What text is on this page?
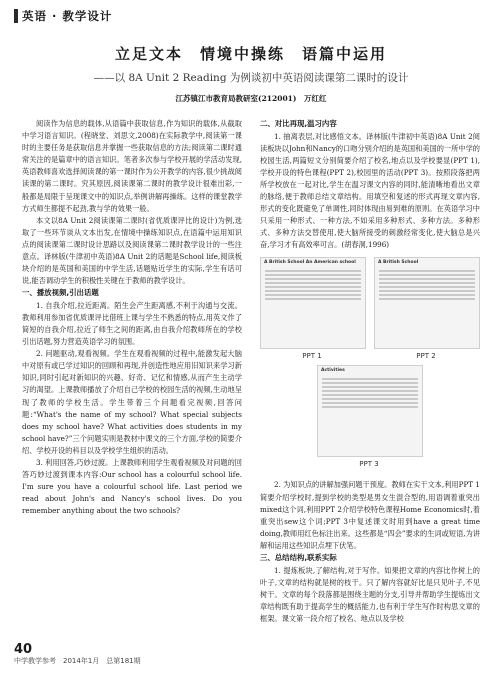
英语 · 教学设计
立足文本　情境中操练　语篇中运用
——以 8A Unit 2 Reading 为例谈初中英语阅读课第二课时的设计
江苏镇江市教育局教研室(212001)　万红红

阅读作为信息的载体,从语篇中获取信息,作为知识的载体,从截取中学习语言知识。(程晓堂、刘思文,2008)在实际教学中,阅读第一课时的主要任务是获取信息并掌握一些获取信息的方法;阅读第二课时通常关注的是篇章中的语言知识。笔者多次参与学校开展的学活动发现,英语教师喜欢选择阅读课的第一课时作为公开教学的内容,很少挑战阅读课的第二课时。究其原因,阅读课第二课时的教学设计很难出彩,一般都是局限于呈现课文中的知识点,举例讲解再操练。这样的课堂教学方式师生都提不起劲,教与学的效果一般。

本文以8A Unit 2阅读课第二课时(省优质课评比的设计)为例,选取了一些环节谈从文本出发,在情境中操练知识点,在语篇中运用知识点的阅读课第二课时设计思路以及阅读课第二课时教学设计的一些注意点。译林版(牛津初中英语)8A Unit 2的话题是School life,阅读板块介绍的是英国和美国的中学生活,话题贴近学生的实际,学生有话可说,能否调动学生的积极性关键在于教师的教学设计。

一、播放视频,引出话题

1. 自我介绍,拉近距离。陌生会产生距离感,不利于沟通与交流。教师利用参加省优质课评比借班上课与学生不熟悉的特点,用英文作了简短的自我介绍,拉近了师生之间的距离,由自我介绍教师所在的学校引出话题,努力营造英语学习的氛围。

2. 问题驱动,观看视频。学生在观看视频的过程中,能激发起大脑中对原有或已学过知识的回顾和再现,并创造性地应用旧知识来学习新知识,同时引起对新知识的兴趣、好奇、记忆和情感,从而产生主动学习的渴望。上课教师播放了介绍自己学校的校园生活的视频,生动地呈现了教师的学校生活。学生带着三个问题看完视频,回答问题:“What's the name of my school? What special subjects does my school have? What activities does students in my school have?”三个问题实则是教材中课文的三个方面,学校的简要介绍、学校开设的科目以及学校学生组织的活动。

3. 利用回答,巧妙过渡。上课教师利用学生观看视频及对问题的回答巧妙过渡到课本内容:Our school has a colourful school life. I'm sure you have a colourful school life. Last period we read about John's and Nancy's school lives. Do you remember anything about the two schools?

二、对比再现,温习内容

1. 抽离表层,对比感悟文本。译林版(牛津初中英语)8A Unit 2阅读板块以John和Nancy的口吻分别介绍的是英国和美国的一所中学的校园生活,两篇短文分别简要介绍了校名,地点以及学校要显(PPT 1),学校开设的特色课程(PPT 2),校园里的活动(PPT 3)。按照段落把两所学校放在一起对比,学生在温习课文内容的同时,能清晰地看出文章的脉络,便于教师总结文章结构。用填空和复述的形式再现文章内容,形式的变化既避免了单调性,同时体现由易到难的原则。在英语学习中只采用一种形式、一种方法,不如采用多种形式、多种方法。多种形式、多种方法交替使用,使大脑所接受的刺激经常变化,使大脑总是兴奋,学习才有高效率可言。(胡春洞,1996)

A British School An American school
PPT 1
A British School
PPT 2
Activities
PPT 3

2. 为知识点的讲解加强问题干预度。教师在实干文本,利用PPT 1简要介绍学校时,提到学校的类型是男女生混合型的,用语调着重突出mixed这个词,利用PPT 2介绍学校特色课程Home Economics时,着重突出sew这个词;PPT 3中复述课文时用到have a great time doing,教师用红色标注出来。这些都是“四会”要求的生词或短语,为讲解和运用这些知识点埋下伏笔。

三、总结结构,联系实际

1. 提炼板块,了解结构,对于写作。如果把文章的内容比作树上的叶子,文章的结构就是树的枝干。只了解内容就好比是只见叶子,不见树干。文章的每个段落都是围绕主题的分支,引导并帮助学生提炼出文章结构既有助于提高学生的概括能力,也有利于学生写作时构思文章的框架。课文第一段介绍了校名、地点以及学校

40
中学教学参考　2014年1月　总第181期
